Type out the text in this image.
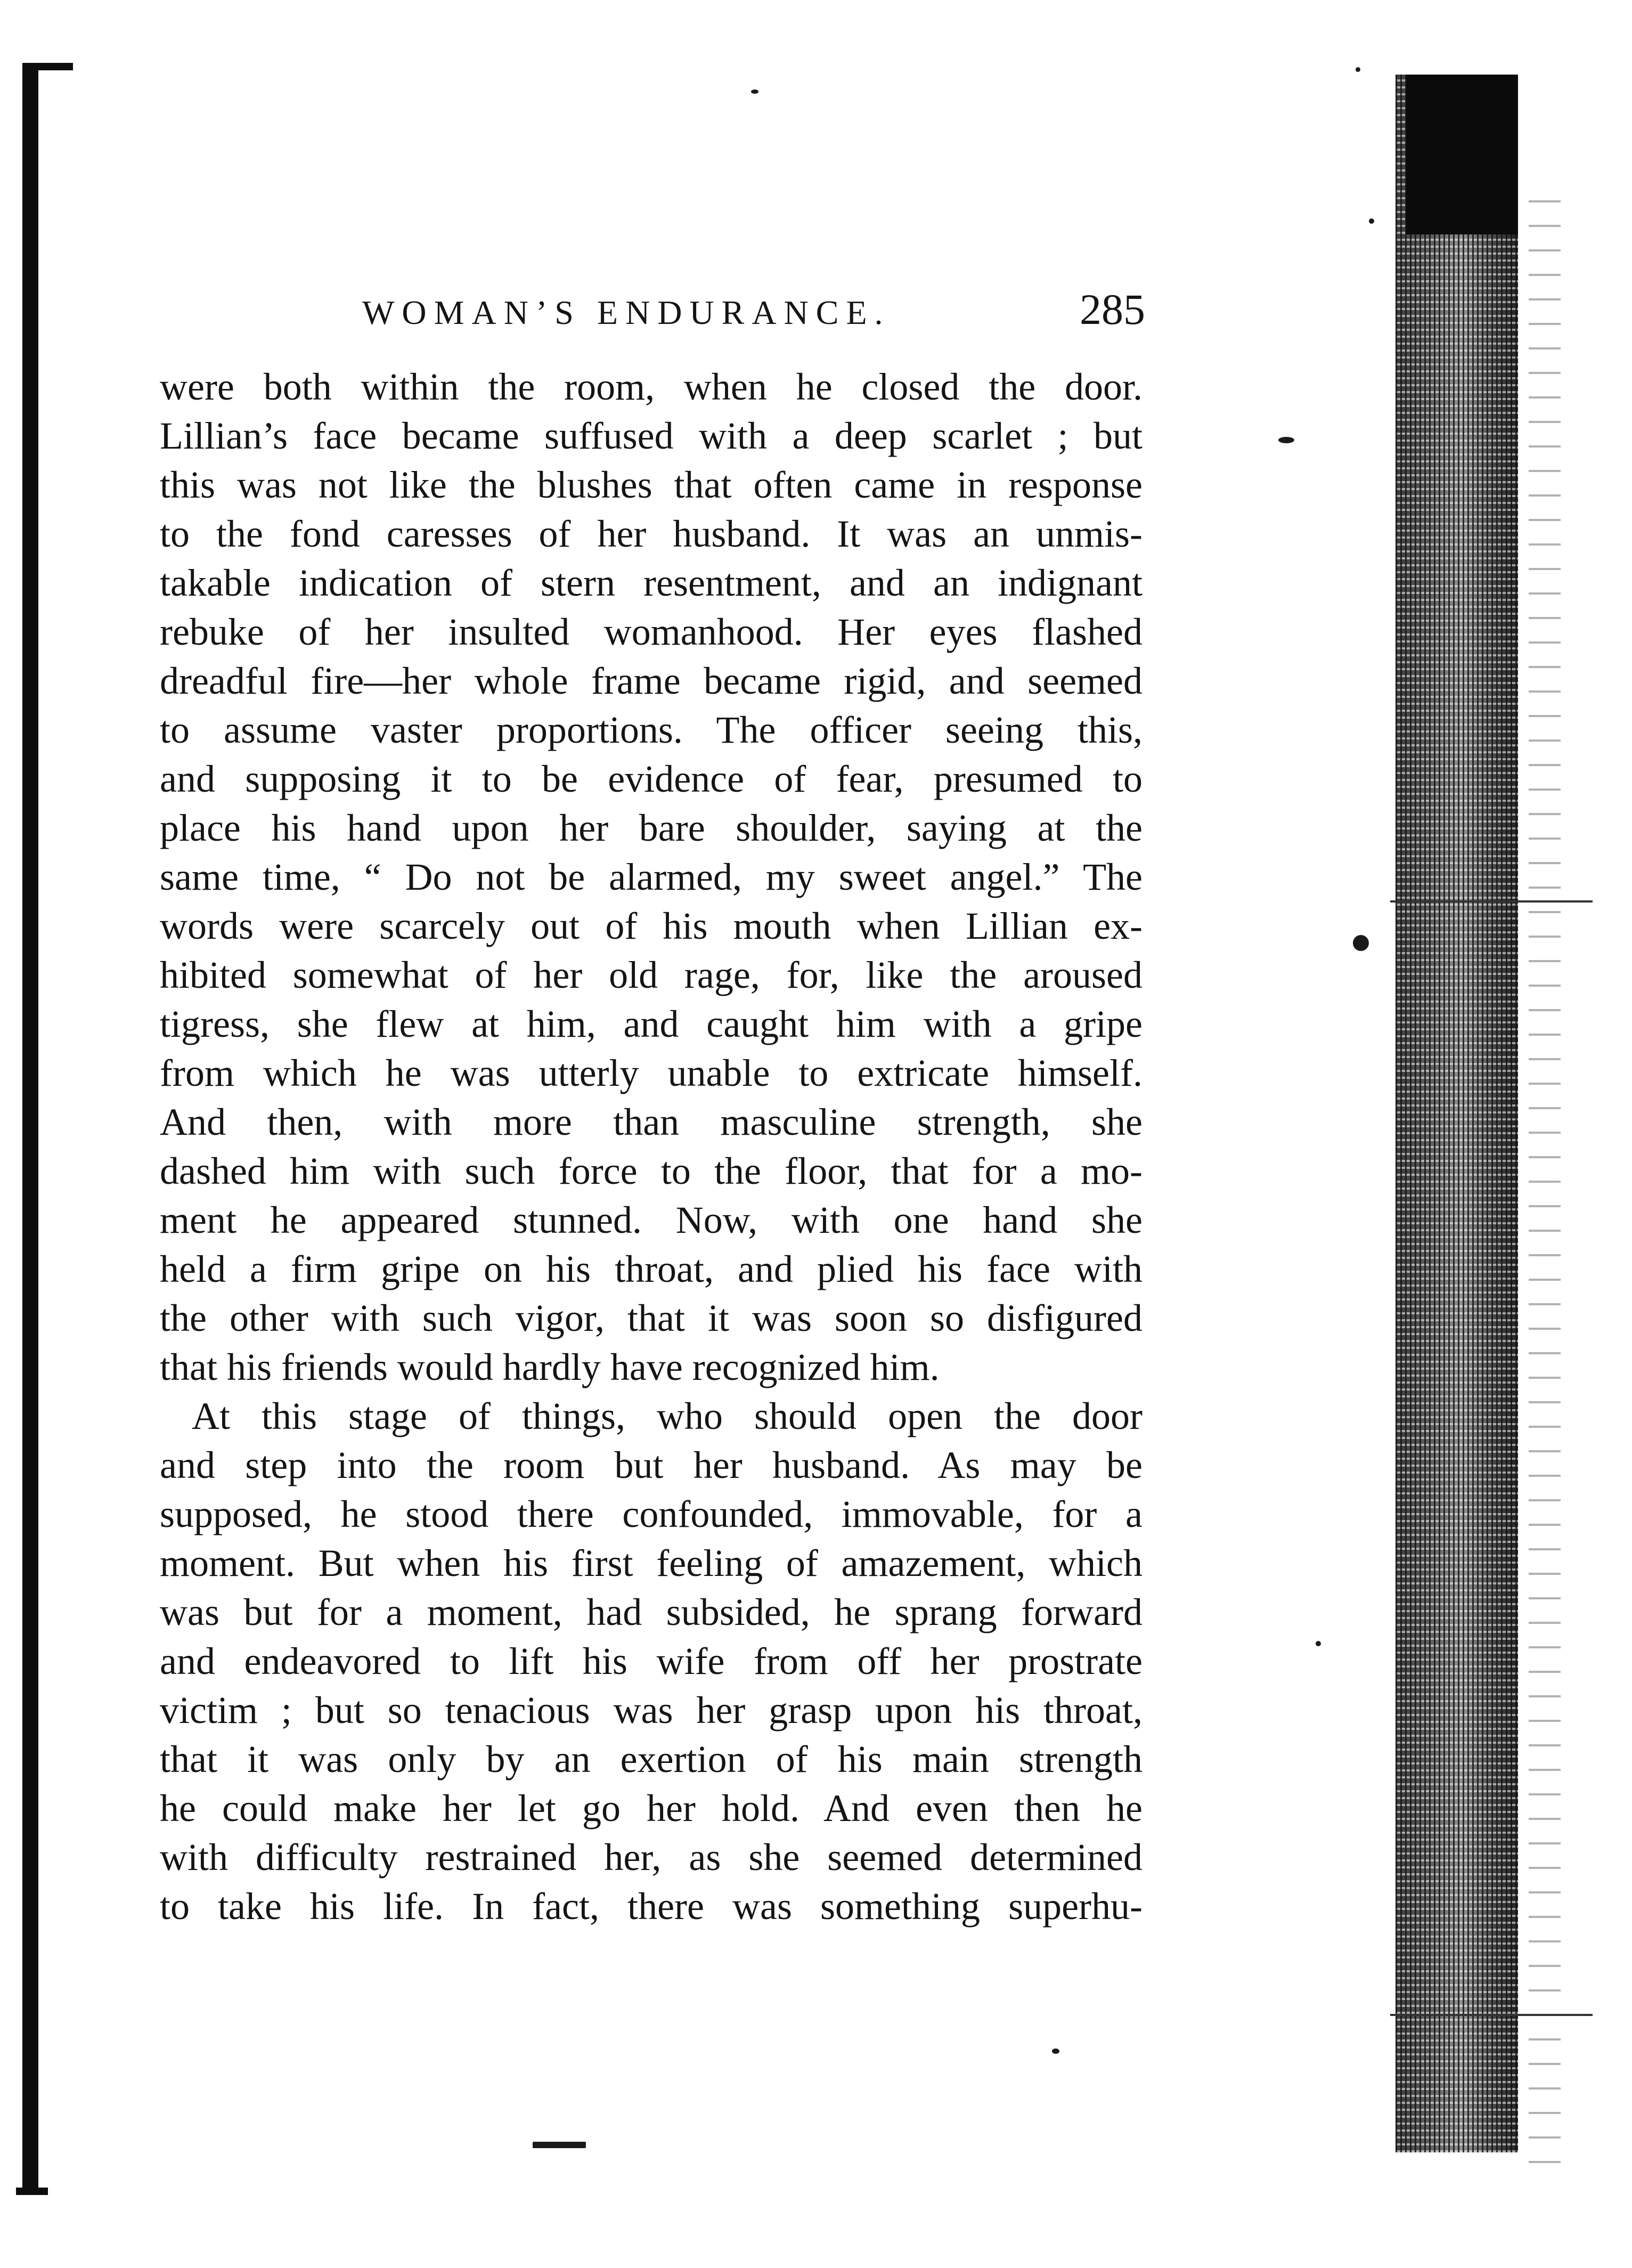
WOMAN’S ENDURANCE.	285
were both within the room, when he closed the door.
Lillian’s face became suffused with a deep scarlet ; but
this was not like the blushes that often came in response
to the fond caresses of her husband. It was an unmis-
takable indication of stern resentment, and an indignant
rebuke of her insulted womanhood. Her eyes flashed
dreadful fire—her whole frame became rigid, and seemed
to assume vaster proportions. The officer seeing this,
and supposing it to be evidence of fear, presumed to
place his hand upon her bare shoulder, saying at the
same time, “ Do not be alarmed, my sweet angel.” The
words were scarcely out of his mouth when Lillian ex-
hibited somewhat of her old rage, for, like the aroused
tigress, she flew at him, and caught him with a gripe
from which he was utterly unable to extricate himself.
And then, with more than masculine strength, she
dashed him with such force to the floor, that for a mo-
ment he appeared stunned. Now, with one hand she
held a firm gripe on his throat, and plied his face with
the other with such vigor, that it was soon so disfigured
that his friends would hardly have recognized him.
At this stage of things, who should open the door
and step into the room but her husband. As may be
supposed, he stood there confounded, immovable, for a
moment. But when his first feeling of amazement, which
was but for a moment, had subsided, he sprang forward
and endeavored to lift his wife from off her prostrate
victim ; but so tenacious was her grasp upon his throat,
that it was only by an exertion of his main strength
he could make her let go her hold. And even then he
with difficulty restrained her, as she seemed determined
to take his life. In fact, there was something superhu-
